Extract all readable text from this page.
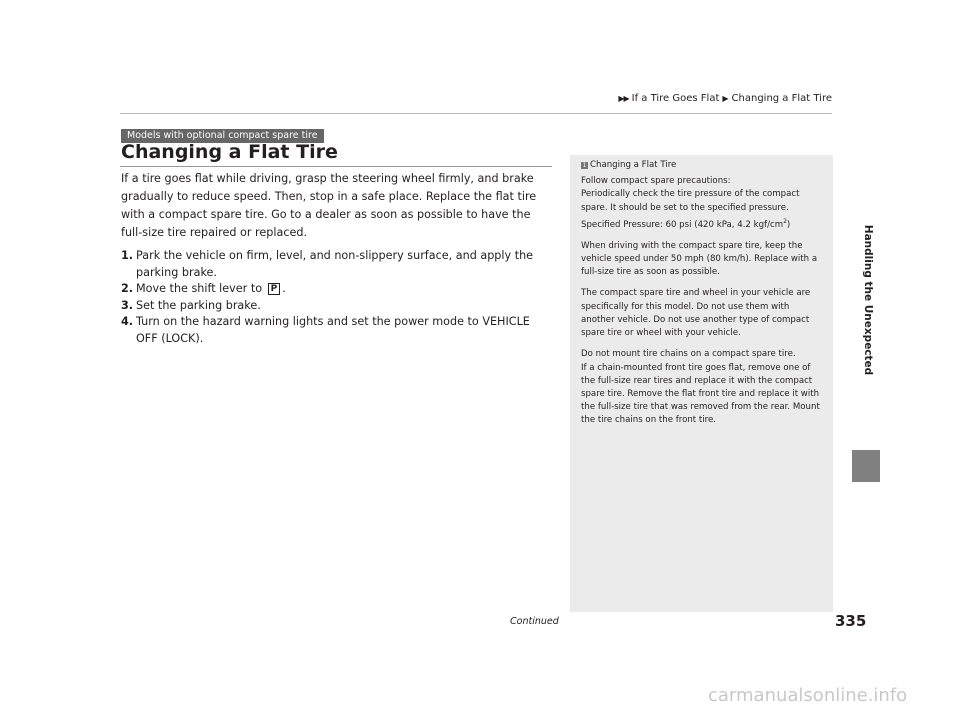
▶▶ If a Tire Goes Flat ▶ Changing a Flat Tire
Models with optional compact spare tire
Changing a Flat Tire

If a tire goes flat while driving, grasp the steering wheel firmly, and brake gradually to reduce speed. Then, stop in a safe place. Replace the flat tire with a compact spare tire. Go to a dealer as soon as possible to have the full-size tire repaired or replaced.

1. Park the vehicle on firm, level, and non-slippery surface, and apply the parking brake.
2. Move the shift lever to P .
3. Set the parking brake.
4. Turn on the hazard warning lights and set the power mode to VEHICLE OFF (LOCK).
1 Changing a Flat Tire

Follow compact spare precautions:

Periodically check the tire pressure of the compact spare. It should be set to the specified pressure.

Specified Pressure: 60 psi (420 kPa, 4.2 kgf/$cm^2$)

When driving with the compact spare tire, keep the vehicle speed under 50 mph (80 km/h). Replace with a full-size tire as soon as possible.

The compact spare tire and wheel in your vehicle are specifically for this model. Do not use them with another vehicle. Do not use another type of compact spare tire or wheel with your vehicle.

Do not mount tire chains on a compact spare tire.

If a chain-mounted front tire goes flat, remove one of the full-size rear tires and replace it with the compact spare tire. Remove the flat front tire and replace it with the full-size tire that was removed from the rear. Mount the tire chains on the front tire.

Handling the Unexpected
Continued	335
carmanualsonline.info
